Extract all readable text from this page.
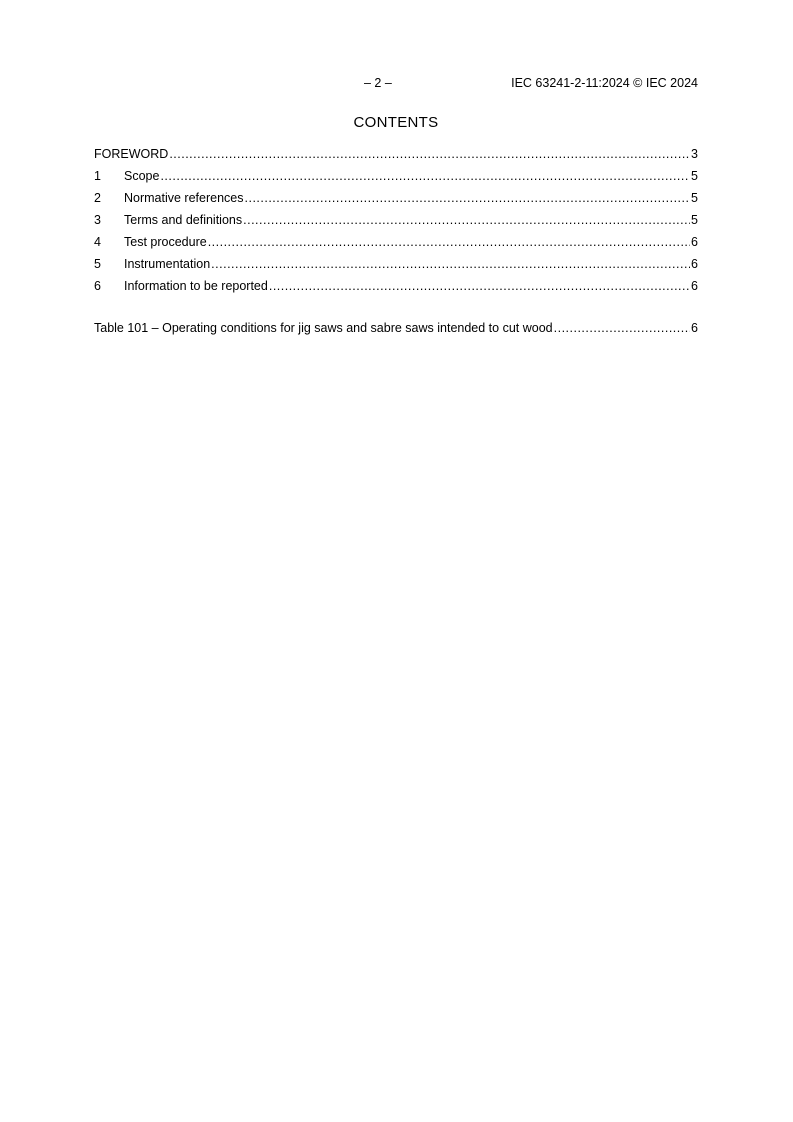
– 2 –	IEC 63241-2-11:2024 © IEC 2024
CONTENTS
FOREWORD .....	3
1	Scope .....	5
2	Normative references .....	5
3	Terms and definitions .....	5
4	Test procedure .....	6
5	Instrumentation .....	6
6	Information to be reported .....	6
Table 101 – Operating conditions for jig saws and sabre saws intended to cut wood .....	6
